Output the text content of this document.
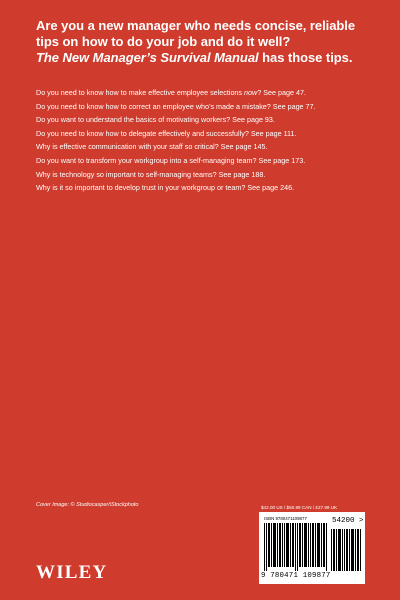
Are you a new manager who needs concise, reliable
tips on how to do your job and do it well?
The New Manager’s Survival Manual has those tips.

Do you need to know how to make effective employee selections now? See page 47.
Do you need to know how to correct an employee who’s made a mistake? See page 77.
Do you want to understand the basics of motivating workers? See page 93.
Do you need to know how to delegate effectively and successfully? See page 111.
Why is effective communication with your staff so critical? See page 145.
Do you want to transform your workgroup into a self-managing team? See page 173.
Why is technology so important to self-managing teams? See page 188.
Why is it so important to develop trust in your workgroup or team? See page 246.
Cover Image: © Studiocasper/iStockphoto
WILEY
$42.00 US / $50.99 CAN / £27.99 UK
ISBN 9780471109877	54200 >
9 780471 109877
